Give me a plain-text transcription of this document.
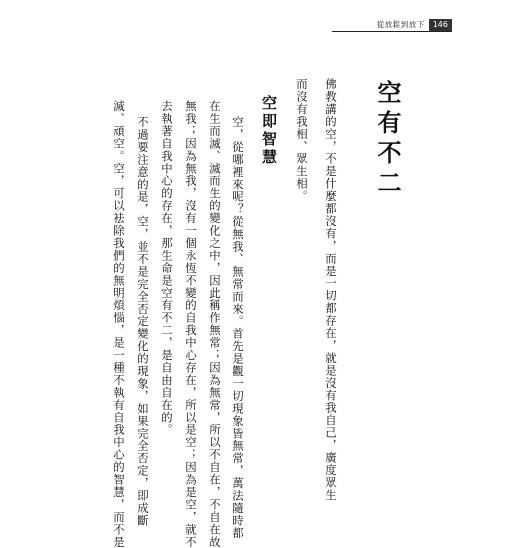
從放鬆到放下	146
空有不二
佛教講的空，不是什麼都沒有，而是一切都存在，就是沒有我自己，廣度眾生
而沒有我相、眾生相。
空即智慧
空，從哪裡來呢？從無我、無常而來。首先是觀一切現象皆無常，萬法隨時都
在生而滅、滅而生的變化之中，因此稱作無常；因為無常，所以不自在，不自在故
無我；因為無我，沒有一個永恆不變的自我中心存在，所以是空；因為是空，就不
去執著自我中心的存在，那生命是空有不二，是自由自在的。
不過要注意的是，空，並不是完全否定變化的現象，如果完全否定，即成斷
滅、頑空。空，可以袪除我們的無明煩惱，是一種不執有自我中心的智慧，而不是
